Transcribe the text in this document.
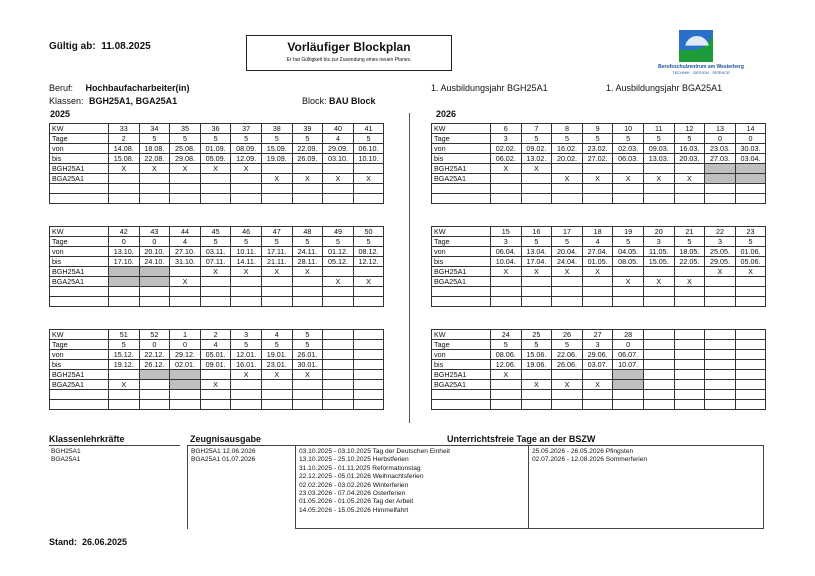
Gültig ab: 11.08.2025	Vorläufiger Blockplan
Er hat Gültigkeit bis zur Zusendung eines neuen Planes.
Berufsschulzentrum am Westerberg
TECHNIK · DESIGN · SERVICE
Beruf: Hochbaufacharbeiter(in)
Klassen: BGH25A1, BGA25A1	Block: BAU Block
1. Ausbildungsjahr BGH25A1	1. Ausbildungsjahr BGA25A1
2025	2026
KW	33	34	35	36	37	38	39	40	41
Tage	2	5	5	5	5	5	5	4	5
von	14.08.	18.08.	25.08.	01.09.	08.09.	15.09.	22.09.	29.09.	06.10.
bis	15.08.	22.08.	29.08.	05.09.	12.09.	19.09.	26.09.	03.10.	10.10.
BGH25A1	X	X	X	X	X				
BGA25A1						X	X	X	X

KW	6	7	8	9	10	11	12	13	14
Tage	3	5	5	5	5	5	5	0	0
von	02.02.	09.02.	16.02.	23.02.	02.03.	09.03.	16.03.	23.03.	30.03.
bis	06.02.	13.02.	20.02.	27.02.	06.03.	13.03.	20.03.	27.03.	03.04.
BGH25A1	X	X							
BGA25A1			X	X	X	X	X		

KW	42	43	44	45	46	47	48	49	50
Tage	0	0	4	5	5	5	5	5	5
von	13.10.	20.10.	27.10.	03.11.	10.11.	17.11.	24.11.	01.12.	08.12.
bis	17.10.	24.10.	31.10.	07.11.	14.11.	21.11.	28.11.	05.12.	12.12.
BGH25A1				X	X	X	X		
BGA25A1			X					X	X

KW	15	16	17	18	19	20	21	22	23
Tage	3	5	5	4	5	3	5	3	5
von	06.04.	13.04.	20.04.	27.04.	04.05.	11.05.	18.05.	25.05.	01.06.
bis	10.04.	17.04.	24.04.	01.05.	08.05.	15.05.	22.05.	29.05.	05.06.
BGH25A1	X	X	X	X				X	X
BGA25A1					X	X	X		

KW	51	52	1	2	3	4	5		
Tage	5	0	0	4	5	5	5		
von	15.12.	22.12.	29.12.	05.01.	12.01.	19.01.	26.01.		
bis	19.12.	26.12.	02.01.	09.01.	16.01.	23.01.	30.01.		
BGH25A1					X	X	X		
BGA25A1	X			X					

KW	24	25	26	27	28				
Tage	5	5	5	3	0				
von	08.06.	15.06.	22.06.	29.06.	06.07.				
bis	12.06.	19.06.	26.06.	03.07.	10.07.				
BGH25A1	X								
BGA25A1		X	X	X					

Klassenlehrkräfte	Zeugnisausgabe	Unterrichtsfreie Tage an der BSZW
BGH25A1
BGA25A1
BGH25A1 12.06.2026
BGA25A1 01.07.2026
03.10.2025 - 03.10.2025 Tag der Deutschen Einheit
13.10.2025 - 25.10.2025 Herbstferien
31.10.2025 - 01.11.2025 Reformationstag
22.12.2025 - 05.01.2026 Weihnachtsferien
02.02.2026 - 03.02.2026 Winterferien
23.03.2026 - 07.04.2026 Osterferien
01.05.2026 - 01.05.2026 Tag der Arbeit
14.05.2026 - 15.05.2026 Himmelfahrt
25.05.2026 - 26.05.2026 Pfingsten
02.07.2026 - 12.08.2026 Sommerferien
Stand: 26.06.2025
